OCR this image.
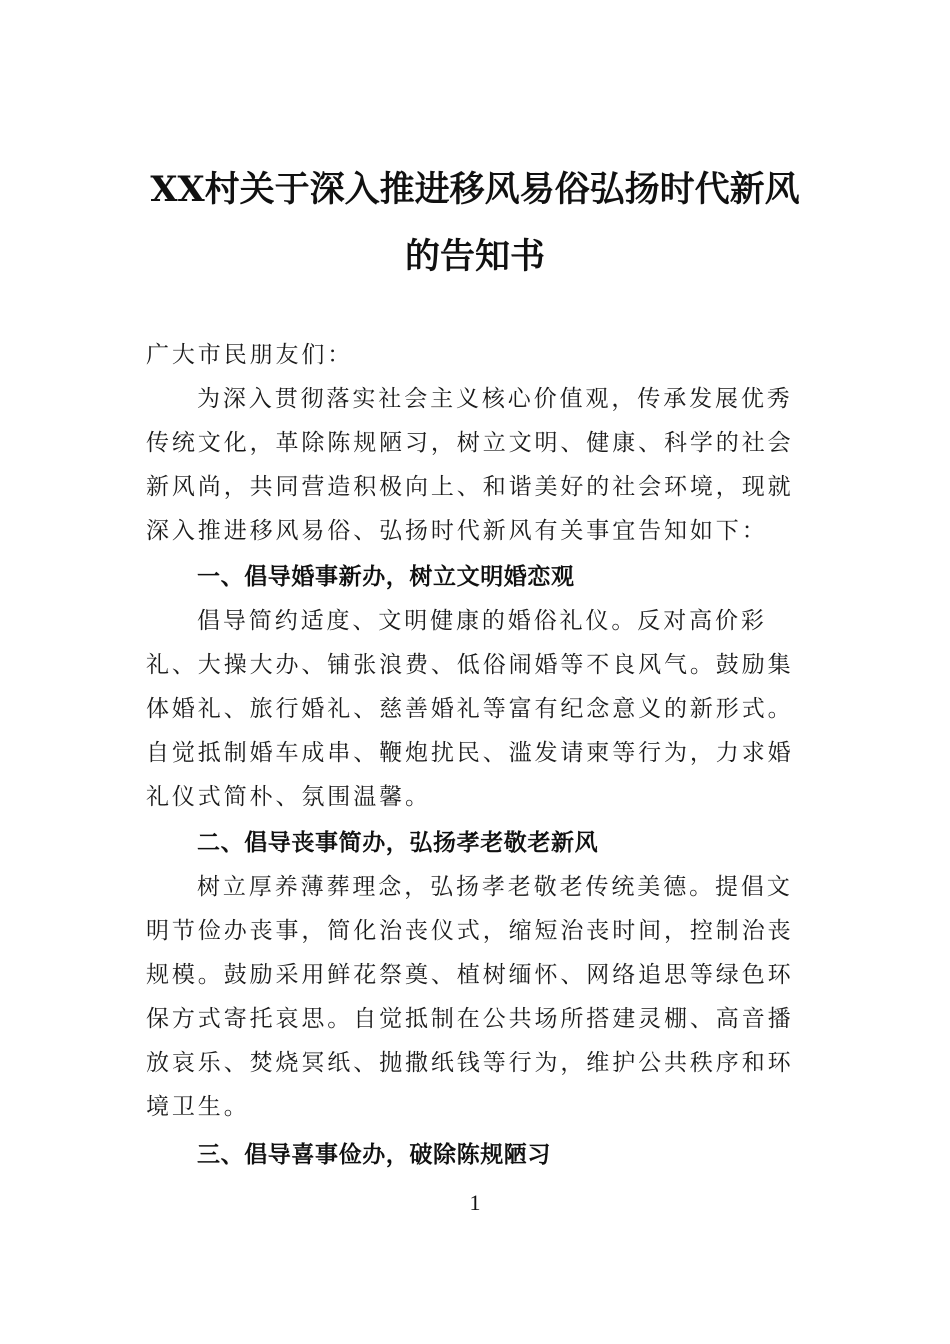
XX村关于深入推进移风易俗弘扬时代新风
的告知书
广大市民朋友们：
为深入贯彻落实社会主义核心价值观，传承发展优秀
传统文化，革除陈规陋习，树立文明、健康、科学的社会
新风尚，共同营造积极向上、和谐美好的社会环境，现就
深入推进移风易俗、弘扬时代新风有关事宜告知如下：
一、倡导婚事新办，树立文明婚恋观
倡导简约适度、文明健康的婚俗礼仪。反对高价彩
礼、大操大办、铺张浪费、低俗闹婚等不良风气。鼓励集
体婚礼、旅行婚礼、慈善婚礼等富有纪念意义的新形式。
自觉抵制婚车成串、鞭炮扰民、滥发请柬等行为，力求婚
礼仪式简朴、氛围温馨。
二、倡导丧事简办，弘扬孝老敬老新风
树立厚养薄葬理念，弘扬孝老敬老传统美德。提倡文
明节俭办丧事，简化治丧仪式，缩短治丧时间，控制治丧
规模。鼓励采用鲜花祭奠、植树缅怀、网络追思等绿色环
保方式寄托哀思。自觉抵制在公共场所搭建灵棚、高音播
放哀乐、焚烧冥纸、抛撒纸钱等行为，维护公共秩序和环
境卫生。
三、倡导喜事俭办，破除陈规陋习
1
